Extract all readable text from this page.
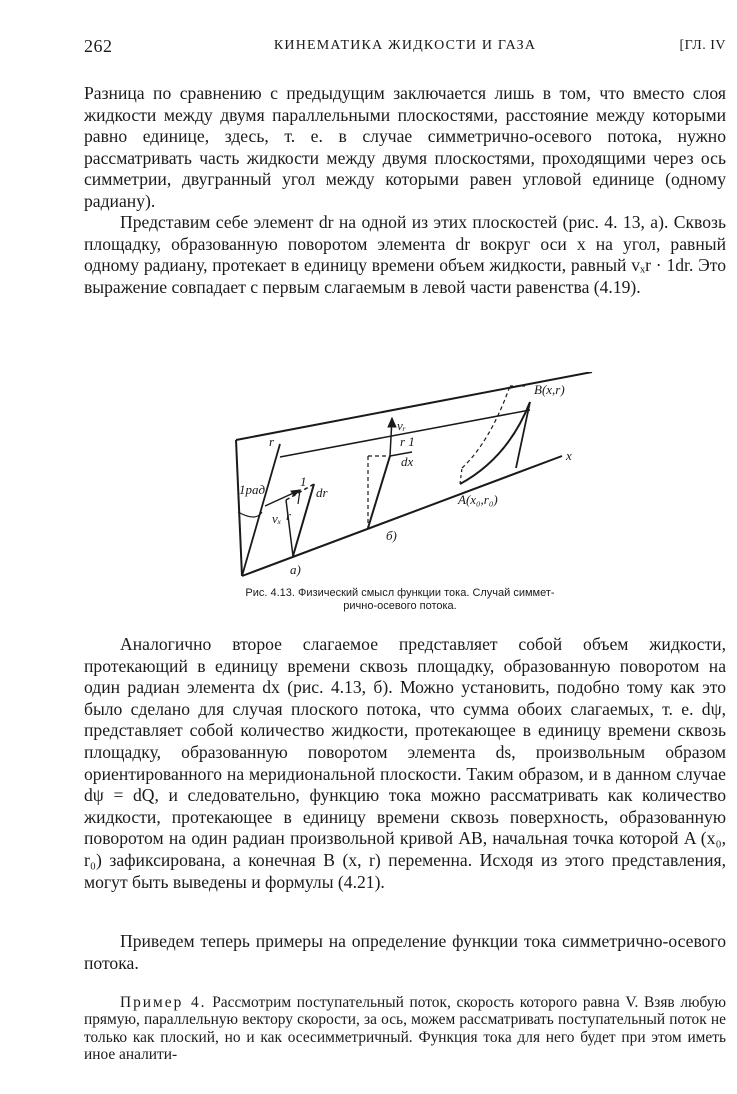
262	КИНЕМАТИКА ЖИДКОСТИ И ГАЗА	[ГЛ. IV

Разница по сравнению с предыдущим заключается лишь в том, что вместо слоя жидкости между двумя параллельными плоскостями, расстояние между которыми равно единице, здесь, т. е. в случае симметрично-осевого потока, нужно рассматривать часть жидкости между двумя плоскостями, проходящими через ось симметрии, двугранный угол между которыми равен угловой единице (одному радиану).

Представим себе элемент dr на одной из этих плоскостей (рис. 4. 13, а). Сквозь площадку, образованную поворотом элемента dr вокруг оси x на угол, равный одному радиану, протекает в единицу времени объем жидкости, равный vₓr · 1dr. Это выражение совпадает с первым слагаемым в левой части равенства (4.19).

r
1рад	dr
vₓ r
1
vᵣ
r 1
dx	x
B(x,r)
A(x₀,r₀)
а)
б)
Рис. 4.13. Физический смысл функции тока. Случай симмет-
рично-осевого потока.

Аналогично второе слагаемое представляет собой объем жидкости, протекающий в единицу времени сквозь площадку, образованную поворотом на один радиан элемента dx (рис. 4.13, б). Можно установить, подобно тому как это было сделано для случая плоского потока, что сумма обоих слагаемых, т. е. dψ, представляет собой количество жидкости, протекающее в единицу времени сквозь площадку, образованную поворотом элемента ds, произвольным образом ориентированного на меридиональной плоскости. Таким образом, и в данном случае dψ = dQ, и следовательно, функцию тока можно рассматривать как количество жидкости, протекающее в единицу времени сквозь поверхность, образованную поворотом на один радиан произвольной кривой AB, начальная точка которой A (x₀, r₀) зафиксирована, а конечная B (x, r) переменна. Исходя из этого представления, могут быть выведены и формулы (4.21).

Приведем теперь примеры на определение функции тока симметрично-осевого потока.

Пример 4. Рассмотрим поступательный поток, скорость которого равна V. Взяв любую прямую, параллельную вектору скорости, за ось, можем рассматривать поступательный поток не только как плоский, но и как осесимметричный. Функция тока для него будет при этом иметь иное аналити-
